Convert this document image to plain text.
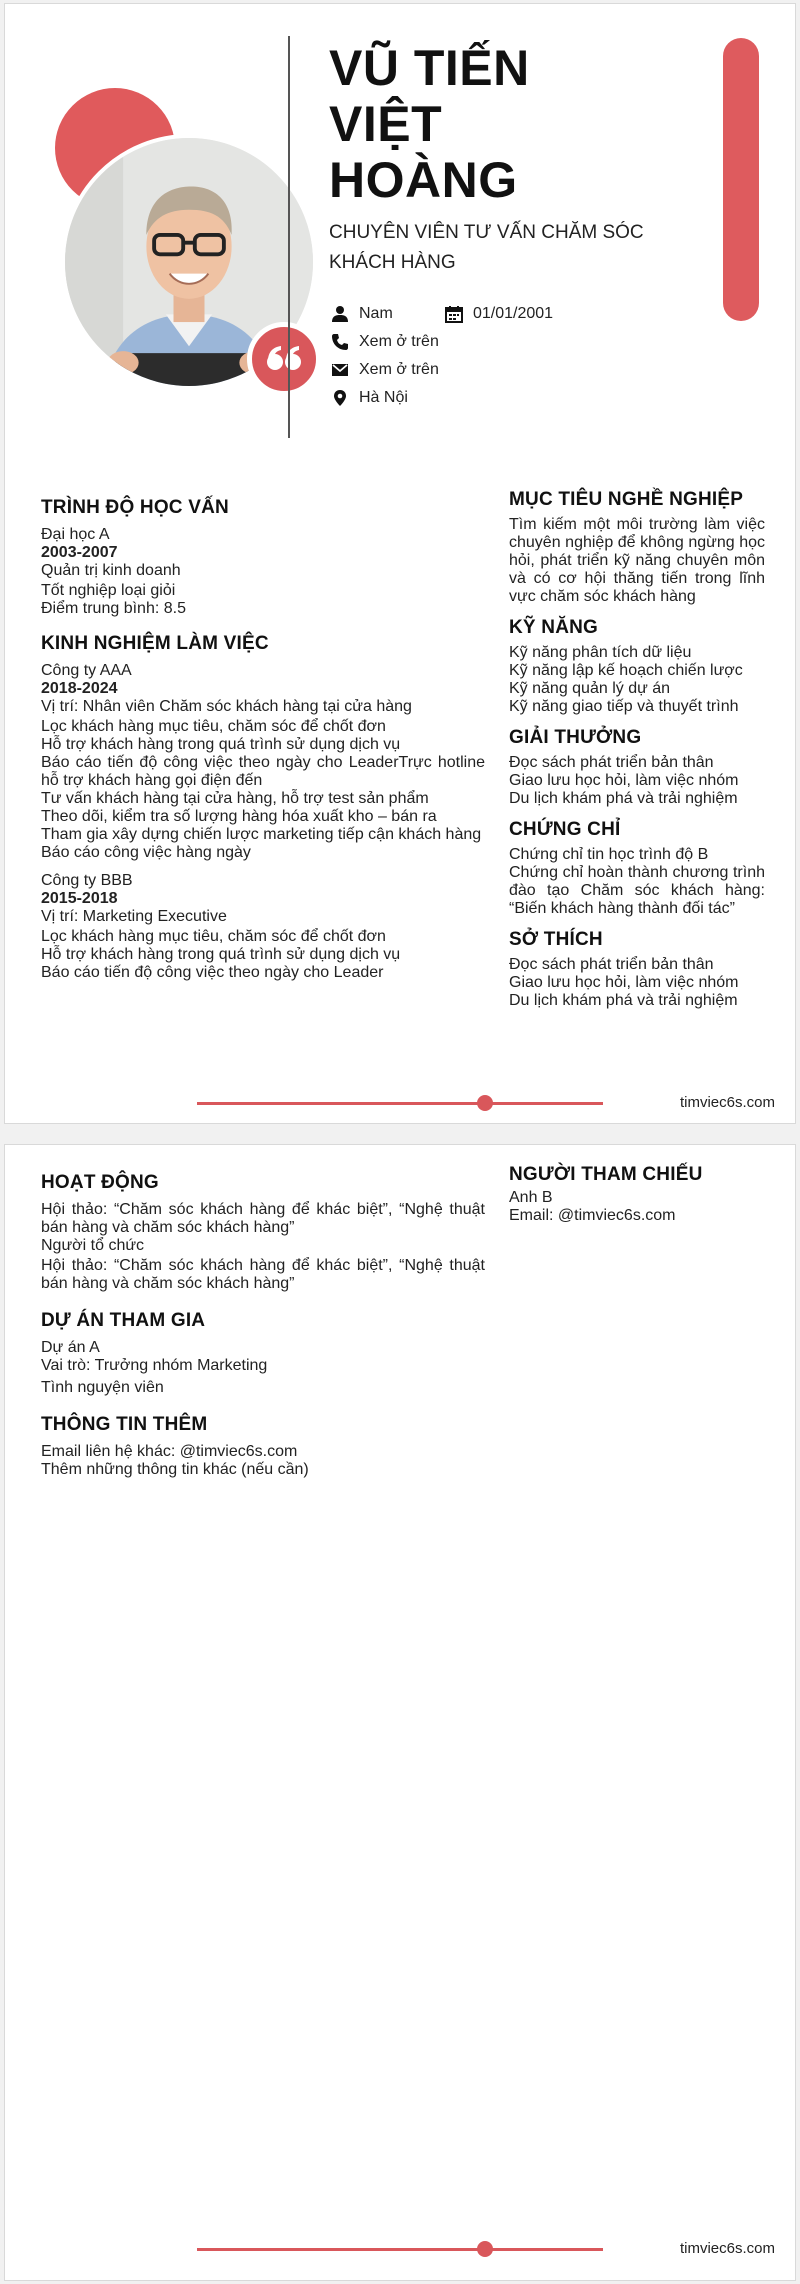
VŨ TIẾN
VIỆT
HOÀNG
CHUYÊN VIÊN TƯ VẤN CHĂM SÓC
KHÁCH HÀNG
Nam	01/01/2001
Xem ở trên
Xem ở trên
Hà Nội
TRÌNH ĐỘ HỌC VẤN
Đại học A
2003-2007
Quản trị kinh doanh
Tốt nghiệp loại giỏi
Điểm trung bình: 8.5
KINH NGHIỆM LÀM VIỆC
Công ty AAA
2018-2024
Vị trí: Nhân viên Chăm sóc khách hàng tại cửa hàng
Lọc khách hàng mục tiêu, chăm sóc để chốt đơn
Hỗ trợ khách hàng trong quá trình sử dụng dịch vụ
Báo cáo tiến độ công việc theo ngày cho LeaderTrực hotline hỗ trợ khách hàng gọi điện đến
Tư vấn khách hàng tại cửa hàng, hỗ trợ test sản phẩm
Theo dõi, kiểm tra số lượng hàng hóa xuất kho – bán ra
Tham gia xây dựng chiến lược marketing tiếp cận khách hàng
Báo cáo công việc hàng ngày
Công ty BBB
2015-2018
Vị trí: Marketing Executive
Lọc khách hàng mục tiêu, chăm sóc để chốt đơn
Hỗ trợ khách hàng trong quá trình sử dụng dịch vụ
Báo cáo tiến độ công việc theo ngày cho Leader
MỤC TIÊU NGHỀ NGHIỆP
Tìm kiếm một môi trường làm việc chuyên nghiệp để không ngừng học hỏi, phát triển kỹ năng chuyên môn và có cơ hội thăng tiến trong lĩnh vực chăm sóc khách hàng
KỸ NĂNG
Kỹ năng phân tích dữ liệu
Kỹ năng lập kế hoạch chiến lược
Kỹ năng quản lý dự án
Kỹ năng giao tiếp và thuyết trình
GIẢI THƯỞNG
Đọc sách phát triển bản thân
Giao lưu học hỏi, làm việc nhóm
Du lịch khám phá và trải nghiệm
CHỨNG CHỈ
Chứng chỉ tin học trình độ B
Chứng chỉ hoàn thành chương trình đào tạo Chăm sóc khách hàng: “Biến khách hàng thành đối tác”
SỞ THÍCH
Đọc sách phát triển bản thân
Giao lưu học hỏi, làm việc nhóm
Du lịch khám phá và trải nghiệm
timviec6s.com
HOẠT ĐỘNG
Hội thảo: “Chăm sóc khách hàng để khác biệt”, “Nghệ thuật bán hàng và chăm sóc khách hàng”
Người tổ chức
Hội thảo: “Chăm sóc khách hàng để khác biệt”, “Nghệ thuật bán hàng và chăm sóc khách hàng”
DỰ ÁN THAM GIA
Dự án A
Vai trò: Trưởng nhóm Marketing
Tình nguyện viên
THÔNG TIN THÊM
Email liên hệ khác: @timviec6s.com
Thêm những thông tin khác (nếu cần)
NGƯỜI THAM CHIẾU
Anh B
Email: @timviec6s.com
timviec6s.com
